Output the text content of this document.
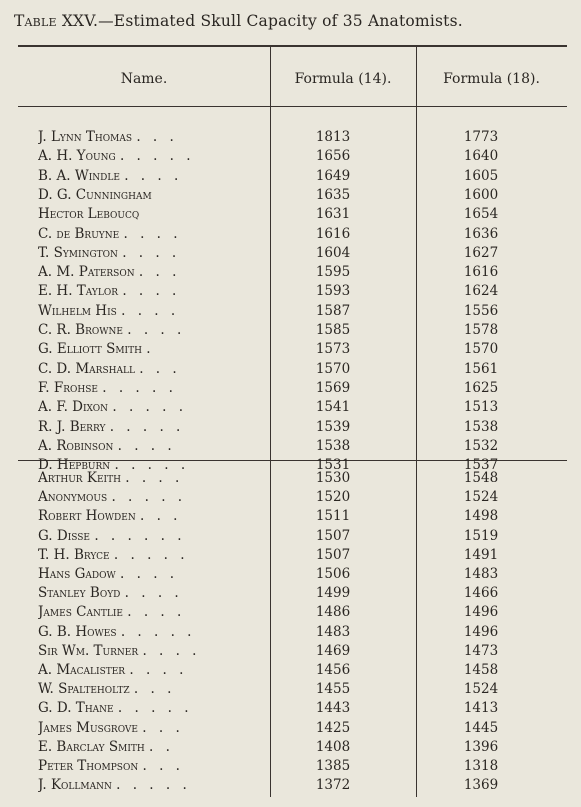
Table XXV.—Estimated Skull Capacity of 35 Anatomists.
Name.	Formula (14).	Formula (18).
J. Lynn Thomas . . .	1813	1773
A. H. Young . . . . .	1656	1640
B. A. Windle . . . .	1649	1605
D. G. Cunningham	1635	1600
Hector Leboucq	1631	1654
C. de Bruyne . . . .	1616	1636
T. Symington . . . .	1604	1627
A. M. Paterson . . .	1595	1616
E. H. Taylor . . . .	1593	1624
Wilhelm His . . . .	1587	1556
C. R. Browne . . . .	1585	1578
G. Elliott Smith .	1573	1570
C. D. Marshall . . .	1570	1561
F. Frohse . . . . .	1569	1625
A. F. Dixon . . . . .	1541	1513
R. J. Berry . . . . .	1539	1538
A. Robinson . . . .	1538	1532
D. Hepburn . . . . .	1531	1537
Arthur Keith . . . .	1530	1548
Anonymous . . . . .	1520	1524
Robert Howden . . .	1511	1498
G. Disse . . . . . .	1507	1519
T. H. Bryce . . . . .	1507	1491
Hans Gadow . . . .	1506	1483
Stanley Boyd . . . .	1499	1466
James Cantlie . . . .	1486	1496
G. B. Howes . . . . .	1483	1496
Sir Wm. Turner . . . .	1469	1473
A. Macalister . . . .	1456	1458
W. Spalteholtz . . .	1455	1524
G. D. Thane . . . . .	1443	1413
James Musgrove . . .	1425	1445
E. Barclay Smith . .	1408	1396
Peter Thompson . . .	1385	1318
J. Kollmann . . . . .	1372	1369
